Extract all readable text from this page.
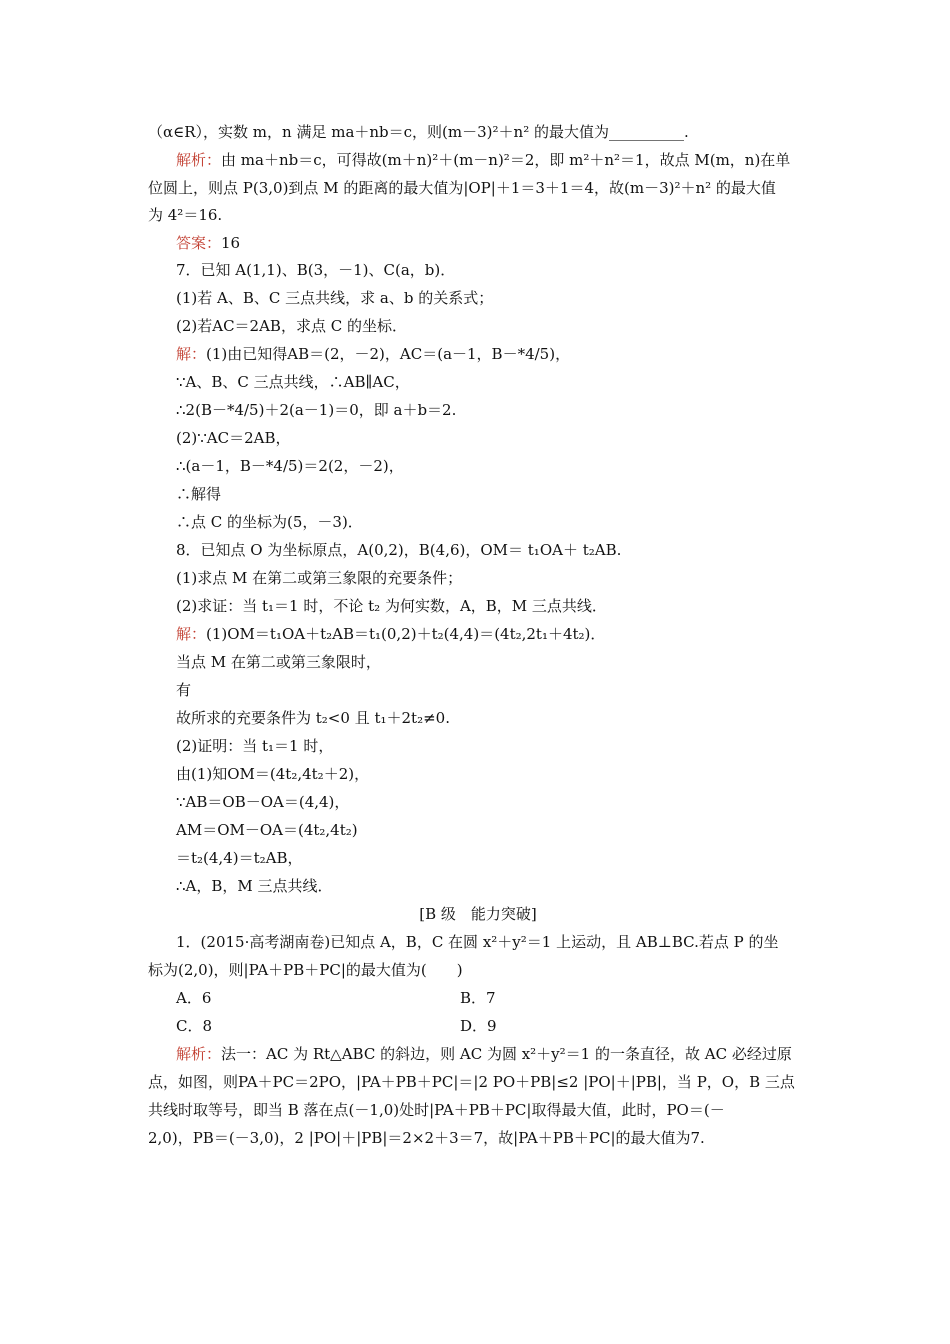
（α∈R），实数 m，n 满足 ma＋nb＝c，则(m－3)²＋n² 的最大值为__________.
解析：由 ma＋nb＝c，可得故(m＋n)²＋(m－n)²＝2，即 m²＋n²＝1，故点 M(m，n)在单
位圆上，则点 P(3,0)到点 M 的距离的最大值为|OP|＋1＝3＋1＝4，故(m－3)²＋n² 的最大值
为 4²＝16.
答案：16
7．已知 A(1,1)、B(3，－1)、C(a，b)．
(1)若 A、B、C 三点共线，求 a、b 的关系式；
(2)若AC＝2AB，求点 C 的坐标．
解：(1)由已知得AB＝(2，－2)，AC＝(a－1，B－*4/5)，
∵A、B、C 三点共线，∴AB∥AC，
∴2(B－*4/5)＋2(a－1)＝0，即 a＋b＝2.
(2)∵AC＝2AB，
∴(a－1，B－*4/5)＝2(2，－2)，
∴解得
∴点 C 的坐标为(5，－3)．
8．已知点 O 为坐标原点，A(0,2)，B(4,6)，OM＝ t₁OA＋ t₂AB.
(1)求点 M 在第二或第三象限的充要条件；
(2)求证：当 t₁＝1 时，不论 t₂ 为何实数，A，B，M 三点共线．
解：(1)OM＝t₁OA＋t₂AB＝t₁(0,2)＋t₂(4,4)＝(4t₂,2t₁＋4t₂)．
当点 M 在第二或第三象限时，
有
故所求的充要条件为 t₂<0 且 t₁＋2t₂≠0.
(2)证明：当 t₁＝1 时，
由(1)知OM＝(4t₂,4t₂＋2)，
∵AB＝OB－OA＝(4,4)，
AM＝OM－OA＝(4t₂,4t₂)
＝t₂(4,4)＝t₂AB，
∴A，B，M 三点共线．
[B 级　能力突破]
1．(2015·高考湖南卷)已知点 A，B，C 在圆 x²＋y²＝1 上运动，且 AB⊥BC.若点 P 的坐
标为(2,0)，则|PA＋PB＋PC|的最大值为(　　)
A．6	B．7
C．8	D．9
解析：法一：AC 为 Rt△ABC 的斜边，则 AC 为圆 x²＋y²＝1 的一条直径，故 AC 必经过原
点，如图，则PA＋PC＝2PO，|PA＋PB＋PC|＝|2 PO＋PB|≤2 |PO|＋|PB|，当 P，O，B 三点
共线时取等号，即当 B 落在点(－1,0)处时|PA＋PB＋PC|取得最大值，此时，PO＝(－
2,0)，PB＝(－3,0)，2 |PO|＋|PB|＝2×2＋3＝7，故|PA＋PB＋PC|的最大值为7.
